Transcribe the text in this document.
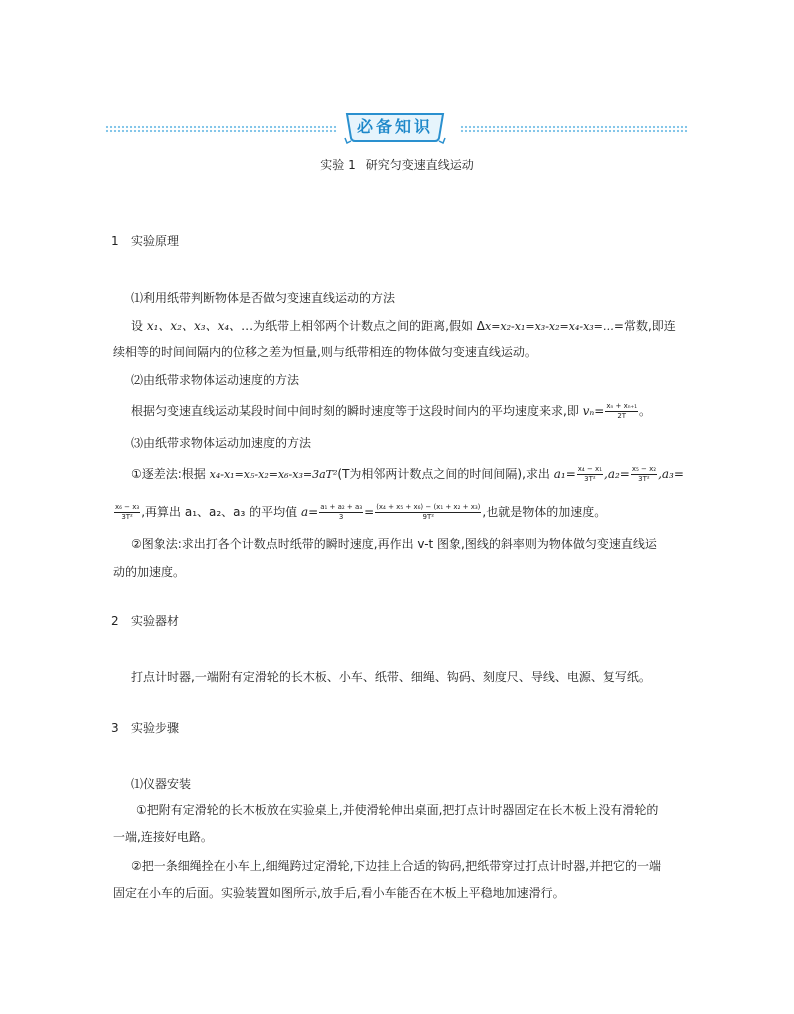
必备知识
实验 1 研究匀变速直线运动
1 实验原理
⑴利用纸带判断物体是否做匀变速直线运动的方法
设 x₁、x₂、x₃、x₄、…为纸带上相邻两个计数点之间的距离,假如 Δx=x₂-x₁=x₃-x₂=x₄-x₃=…=常数,即连
续相等的时间间隔内的位移之差为恒量,则与纸带相连的物体做匀变速直线运动。
⑵由纸带求物体运动速度的方法
根据匀变速直线运动某段时间中间时刻的瞬时速度等于这段时间内的平均速度来求,即 $v_n= \frac{\text{xₙ + xₙ₊₁}}{2T}$ 。
⑶由纸带求物体运动加速度的方法
①逐差法:根据 x₄-x₁=x₅-x₂=x₆-x₃=3aT²(T为相邻两计数点之间的时间间隔),求出 $a_1= \frac{\text{x₄ − x₁}}{\text{3T²}} ,a_2= \frac{\text{x₅ − x₂}}{\text{3T²}} ,a_3=$
$\frac{\text{x₆ − x₃}}{\text{3T²}}$ ,再算出 a₁、a₂、a₃ 的平均值 $a= \frac{\text{a₁ + a₂ + a₃}}{3} = \frac{\text{(x₄ + x₅ + x₆) − (x₁ + x₂ + x₃)}}{\text{9T²}}$ ,也就是物体的加速度。
②图象法:求出打各个计数点时纸带的瞬时速度,再作出 v-t 图象,图线的斜率则为物体做匀变速直线运
动的加速度。
2 实验器材
打点计时器,一端附有定滑轮的长木板、小车、纸带、细绳、钩码、刻度尺、导线、电源、复写纸。
3 实验步骤
⑴仪器安装
①把附有定滑轮的长木板放在实验桌上,并使滑轮伸出桌面,把打点计时器固定在长木板上没有滑轮的
一端,连接好电路。
②把一条细绳拴在小车上,细绳跨过定滑轮,下边挂上合适的钩码,把纸带穿过打点计时器,并把它的一端
固定在小车的后面。实验装置如图所示,放手后,看小车能否在木板上平稳地加速滑行。
